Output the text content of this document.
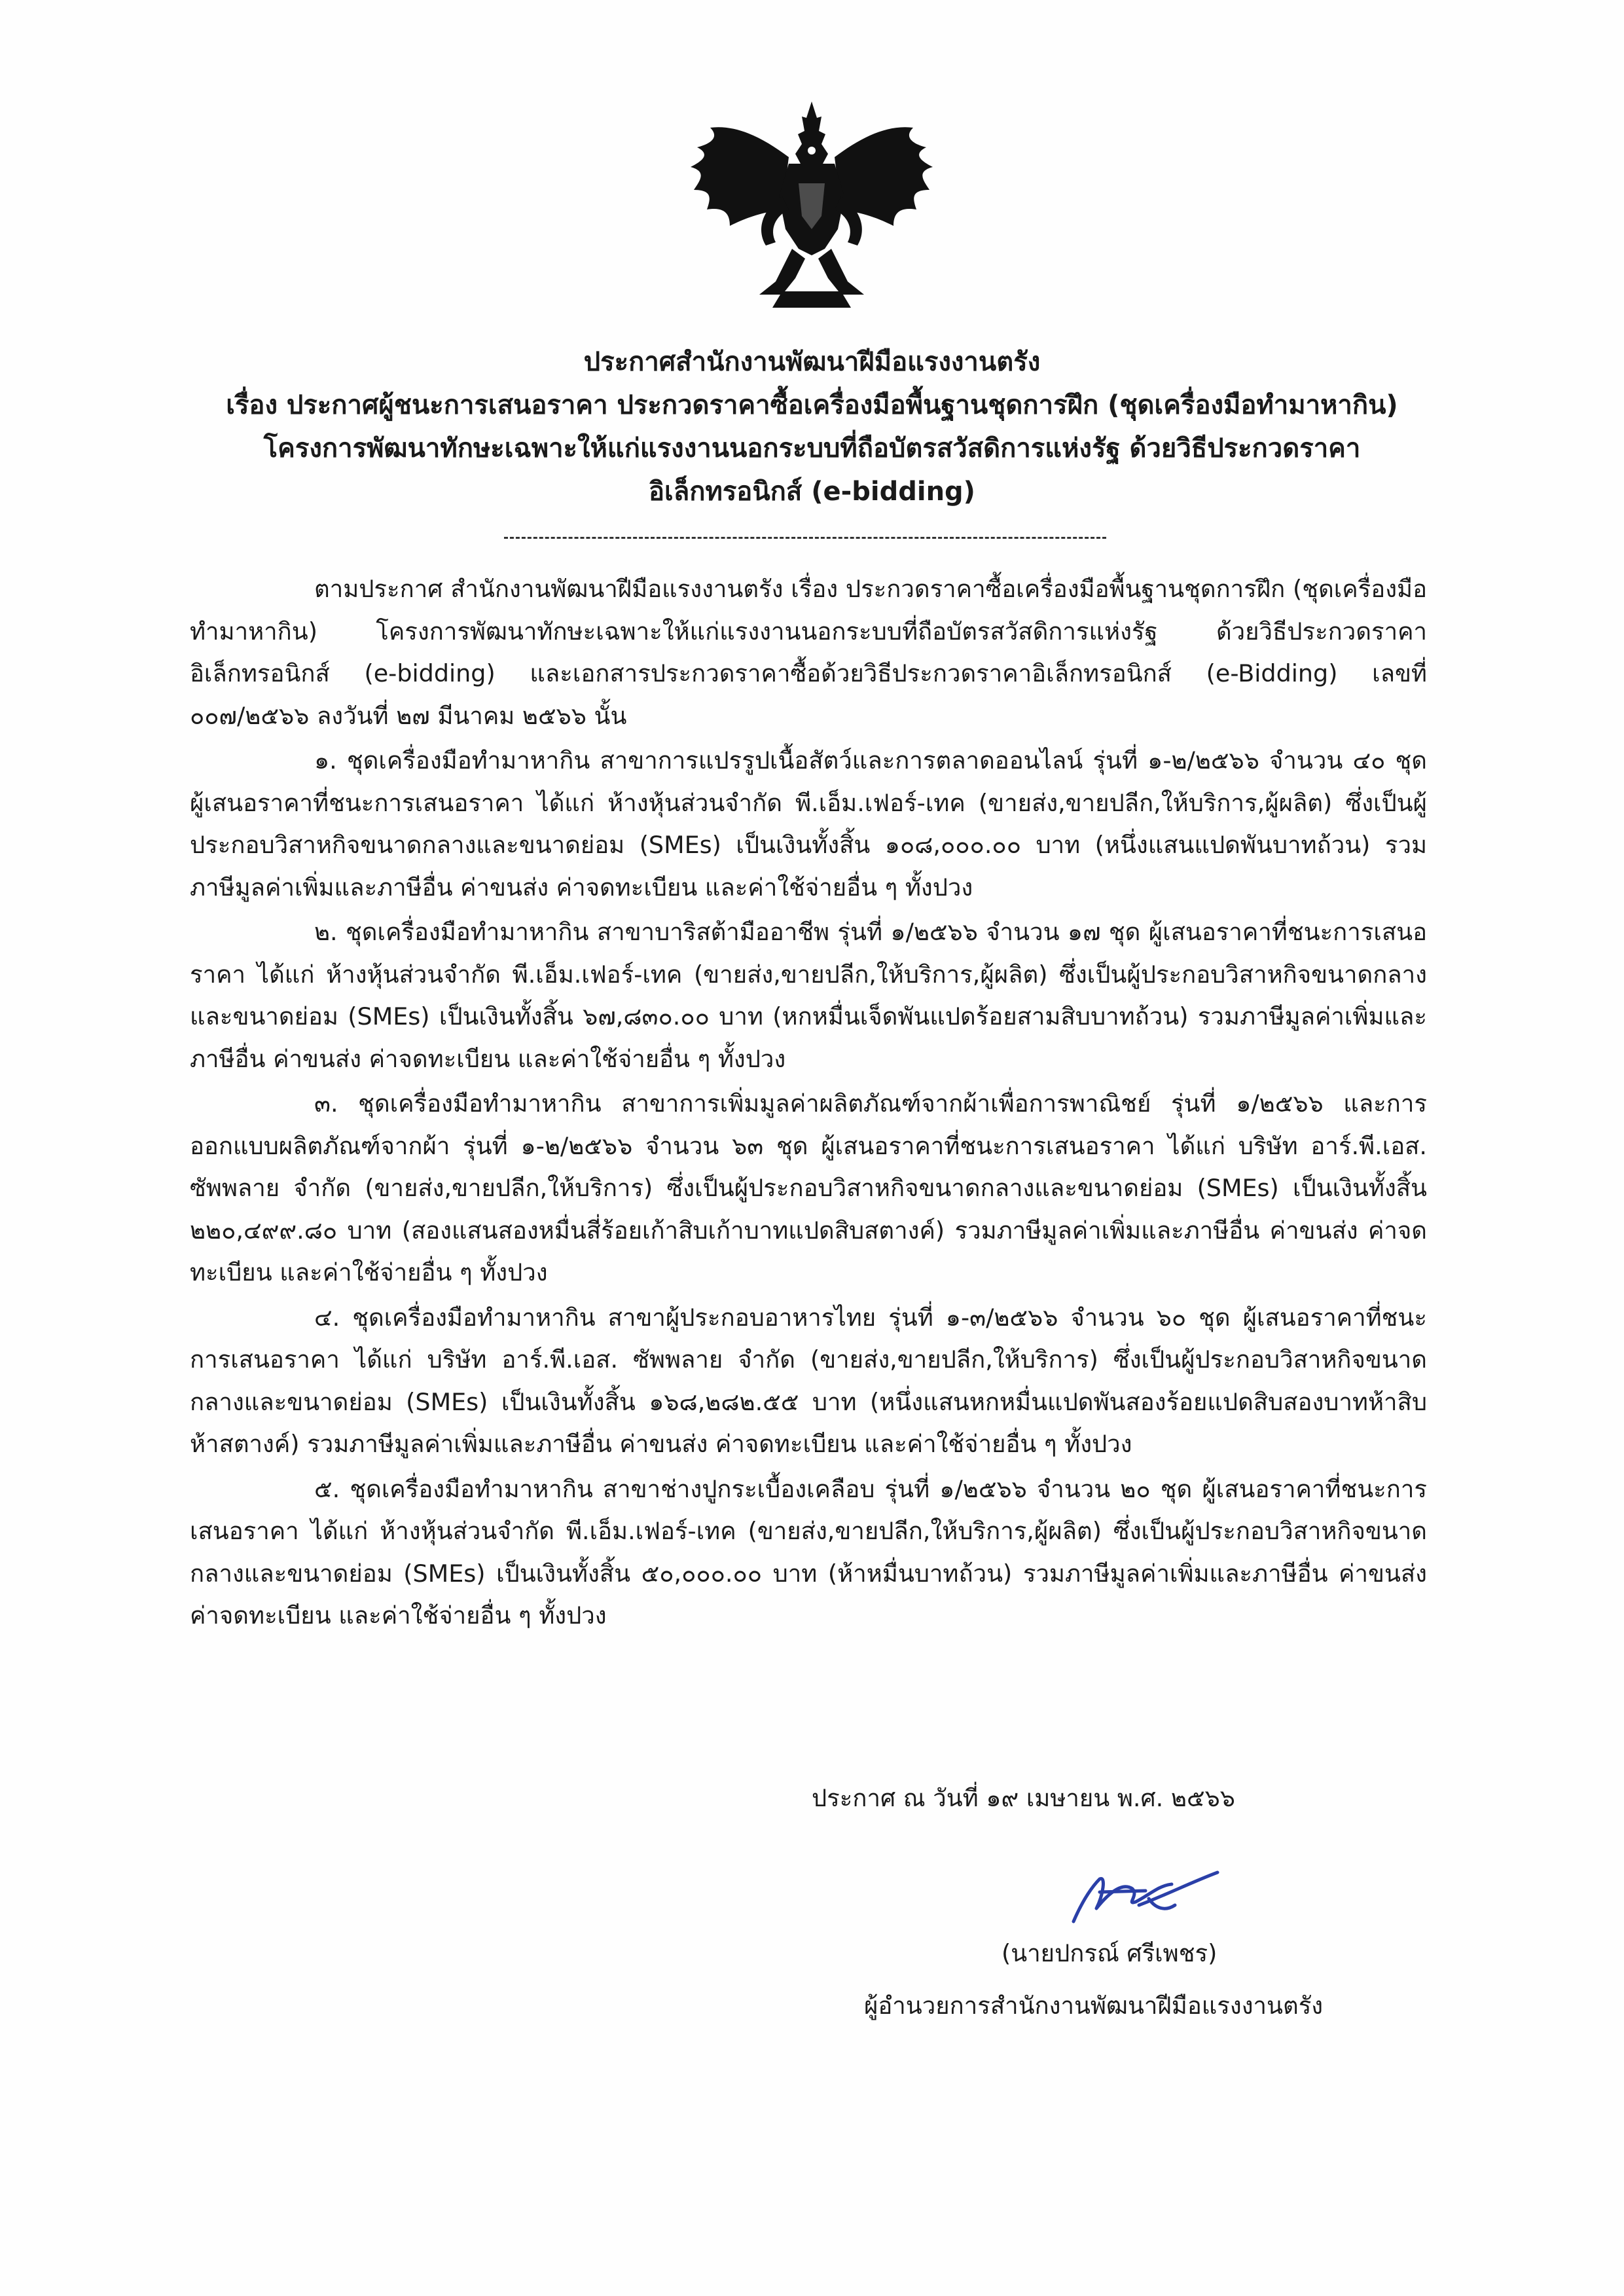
ประกาศสำนักงานพัฒนาฝีมือแรงงานตรัง
เรื่อง ประกาศผู้ชนะการเสนอราคา ประกวดราคาซื้อเครื่องมือพื้นฐานชุดการฝึก (ชุดเครื่องมือทำมาหากิน)
โครงการพัฒนาทักษะเฉพาะให้แก่แรงงานนอกระบบที่ถือบัตรสวัสดิการแห่งรัฐ ด้วยวิธีประกวดราคา
อิเล็กทรอนิกส์ (e-bidding)

ตามประกาศ สำนักงานพัฒนาฝีมือแรงงานตรัง เรื่อง ประกวดราคาซื้อเครื่องมือพื้นฐานชุดการฝึก (ชุดเครื่องมือทำมาหากิน) โครงการพัฒนาทักษะเฉพาะให้แก่แรงงานนอกระบบที่ถือบัตรสวัสดิการแห่งรัฐ ด้วยวิธีประกวดราคาอิเล็กทรอนิกส์ (e-bidding) และเอกสารประกวดราคาซื้อด้วยวิธีประกวดราคาอิเล็กทรอนิกส์ (e-Bidding) เลขที่ ๐๐๗/๒๕๖๖ ลงวันที่ ๒๗ มีนาคม ๒๕๖๖ นั้น

๑. ชุดเครื่องมือทำมาหากิน สาขาการแปรรูปเนื้อสัตว์และการตลาดออนไลน์ รุ่นที่ ๑-๒/๒๕๖๖ จำนวน ๔๐ ชุด ผู้เสนอราคาที่ชนะการเสนอราคา ได้แก่ ห้างหุ้นส่วนจำกัด พี.เอ็ม.เฟอร์-เทค (ขายส่ง,ขายปลีก,ให้บริการ,ผู้ผลิต) ซึ่งเป็นผู้ประกอบวิสาหกิจขนาดกลางและขนาดย่อม (SMEs) เป็นเงินทั้งสิ้น ๑๐๘,๐๐๐.๐๐ บาท (หนึ่งแสนแปดพันบาทถ้วน) รวมภาษีมูลค่าเพิ่มและภาษีอื่น ค่าขนส่ง ค่าจดทะเบียน และค่าใช้จ่ายอื่น ๆ ทั้งปวง

๒. ชุดเครื่องมือทำมาหากิน สาขาบาริสต้ามืออาชีพ รุ่นที่ ๑/๒๕๖๖ จำนวน ๑๗ ชุด ผู้เสนอราคาที่ชนะการเสนอราคา ได้แก่ ห้างหุ้นส่วนจำกัด พี.เอ็ม.เฟอร์-เทค (ขายส่ง,ขายปลีก,ให้บริการ,ผู้ผลิต) ซึ่งเป็นผู้ประกอบวิสาหกิจขนาดกลางและขนาดย่อม (SMEs) เป็นเงินทั้งสิ้น ๖๗,๘๓๐.๐๐ บาท (หกหมื่นเจ็ดพันแปดร้อยสามสิบบาทถ้วน) รวมภาษีมูลค่าเพิ่มและภาษีอื่น ค่าขนส่ง ค่าจดทะเบียน และค่าใช้จ่ายอื่น ๆ ทั้งปวง

๓. ชุดเครื่องมือทำมาหากิน สาขาการเพิ่มมูลค่าผลิตภัณฑ์จากผ้าเพื่อการพาณิชย์ รุ่นที่ ๑/๒๕๖๖ และการออกแบบผลิตภัณฑ์จากผ้า รุ่นที่ ๑-๒/๒๕๖๖ จำนวน ๖๓ ชุด ผู้เสนอราคาที่ชนะการเสนอราคา ได้แก่ บริษัท อาร์.พี.เอส. ซัพพลาย จำกัด (ขายส่ง,ขายปลีก,ให้บริการ) ซึ่งเป็นผู้ประกอบวิสาหกิจขนาดกลางและขนาดย่อม (SMEs) เป็นเงินทั้งสิ้น ๒๒๐,๔๙๙.๘๐ บาท (สองแสนสองหมื่นสี่ร้อยเก้าสิบเก้าบาทแปดสิบสตางค์) รวมภาษีมูลค่าเพิ่มและภาษีอื่น ค่าขนส่ง ค่าจดทะเบียน และค่าใช้จ่ายอื่น ๆ ทั้งปวง

๔. ชุดเครื่องมือทำมาหากิน สาขาผู้ประกอบอาหารไทย รุ่นที่ ๑-๓/๒๕๖๖ จำนวน ๖๐ ชุด ผู้เสนอราคาที่ชนะการเสนอราคา ได้แก่ บริษัท อาร์.พี.เอส. ซัพพลาย จำกัด (ขายส่ง,ขายปลีก,ให้บริการ) ซึ่งเป็นผู้ประกอบวิสาหกิจขนาดกลางและขนาดย่อม (SMEs) เป็นเงินทั้งสิ้น ๑๖๘,๒๘๒.๕๕ บาท (หนึ่งแสนหกหมื่นแปดพันสองร้อยแปดสิบสองบาทห้าสิบห้าสตางค์) รวมภาษีมูลค่าเพิ่มและภาษีอื่น ค่าขนส่ง ค่าจดทะเบียน และค่าใช้จ่ายอื่น ๆ ทั้งปวง

๕. ชุดเครื่องมือทำมาหากิน สาขาช่างปูกระเบื้องเคลือบ รุ่นที่ ๑/๒๕๖๖ จำนวน ๒๐ ชุด ผู้เสนอราคาที่ชนะการเสนอราคา ได้แก่ ห้างหุ้นส่วนจำกัด พี.เอ็ม.เฟอร์-เทค (ขายส่ง,ขายปลีก,ให้บริการ,ผู้ผลิต) ซึ่งเป็นผู้ประกอบวิสาหกิจขนาดกลางและขนาดย่อม (SMEs) เป็นเงินทั้งสิ้น ๕๐,๐๐๐.๐๐ บาท (ห้าหมื่นบาทถ้วน) รวมภาษีมูลค่าเพิ่มและภาษีอื่น ค่าขนส่ง ค่าจดทะเบียน และค่าใช้จ่ายอื่น ๆ ทั้งปวง

ประกาศ ณ วันที่ ๑๙ เมษายน พ.ศ. ๒๕๖๖
(นายปกรณ์ ศรีเพชร)
ผู้อำนวยการสำนักงานพัฒนาฝีมือแรงงานตรัง
